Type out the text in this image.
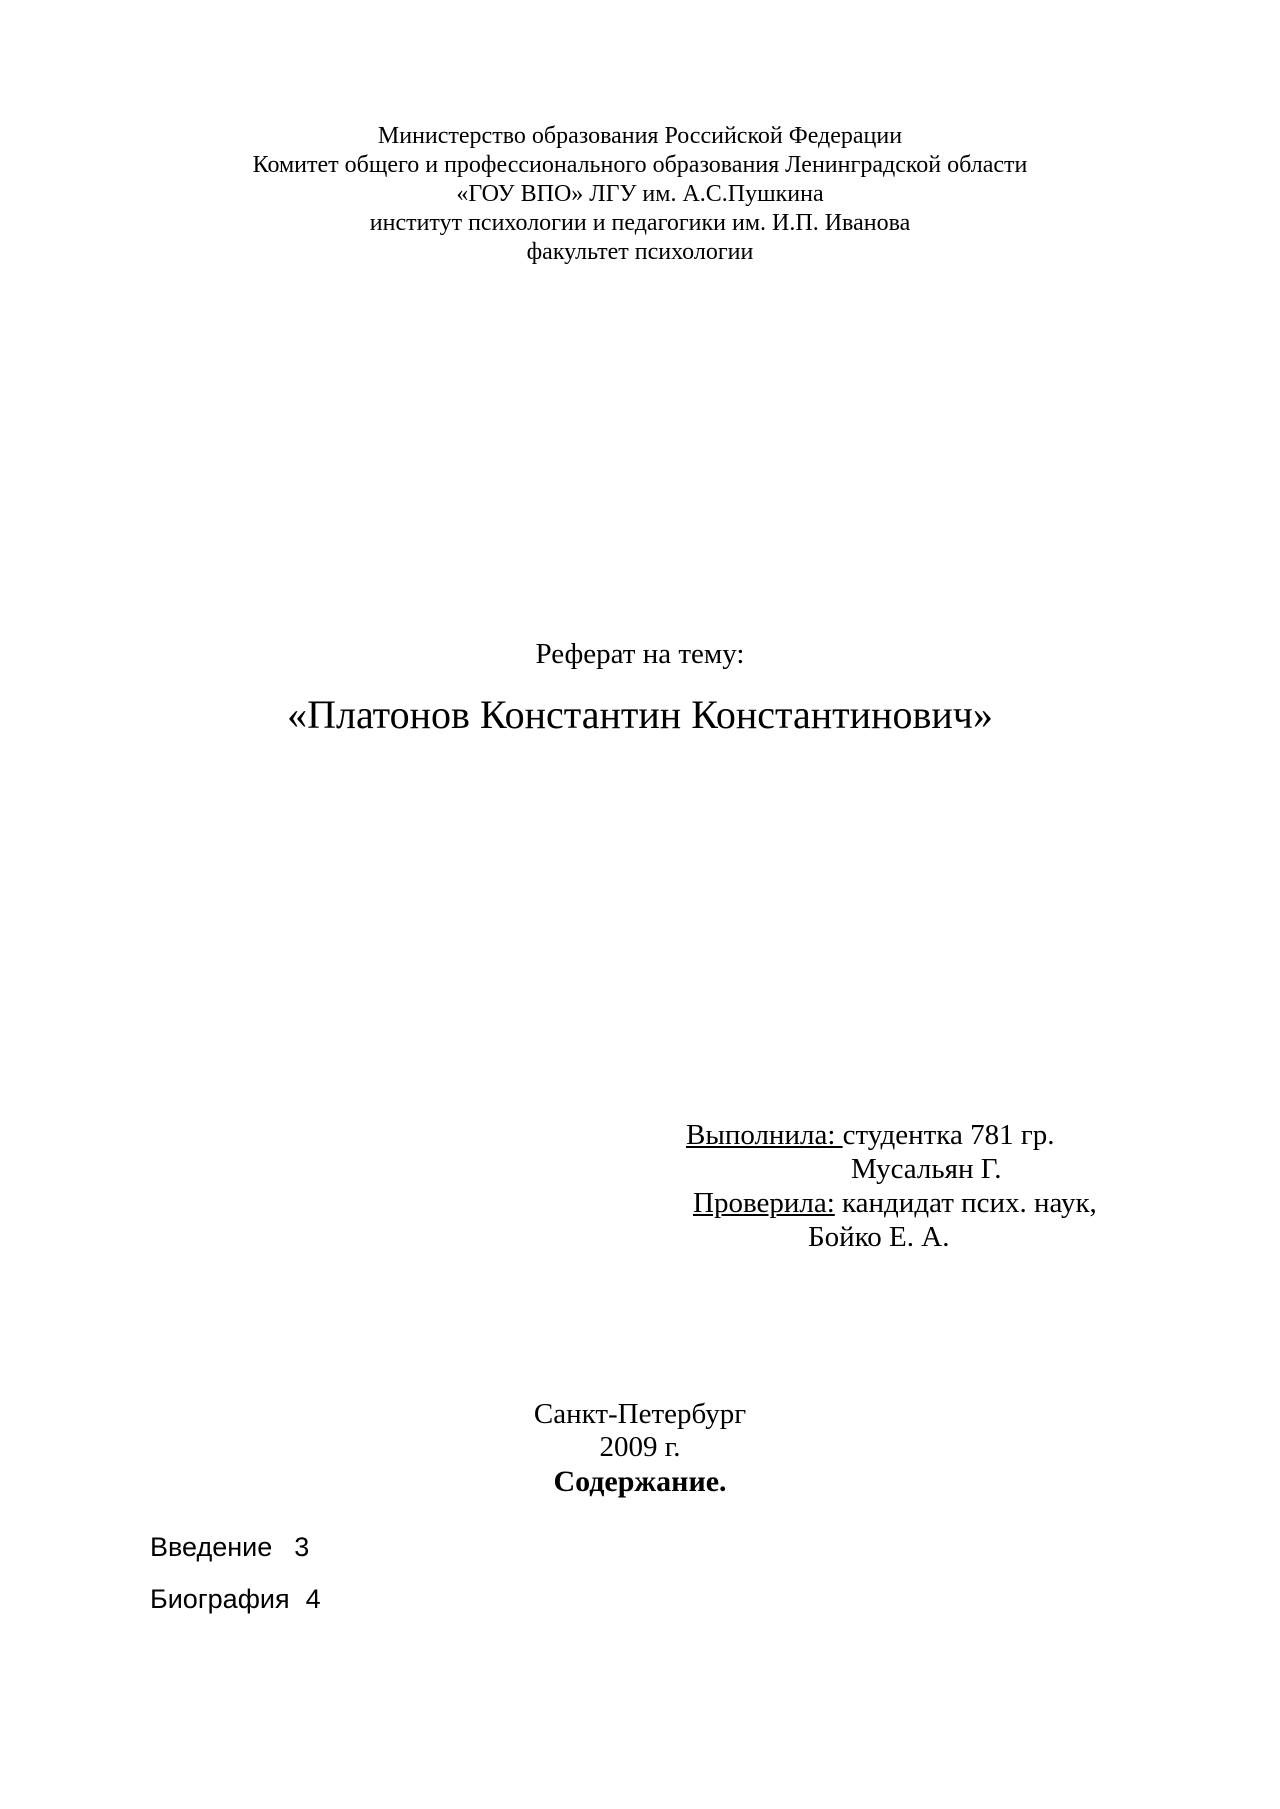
Министерство образования Российской Федерации
Комитет общего и профессионального образования Ленинградской области
«ГОУ ВПО» ЛГУ им. А.С.Пушкина
институт психологии и педагогики им. И.П. Иванова
факультет психологии
Реферат на тему:
«Платонов Константин Константинович»
Выполнила: студентка 781 гр.
Мусальян Г.
Проверила: кандидат псих. наук,
Бойко Е. А.
Санкт-Петербург
2009 г.
Содержание.
Введение 3
Биография 4
